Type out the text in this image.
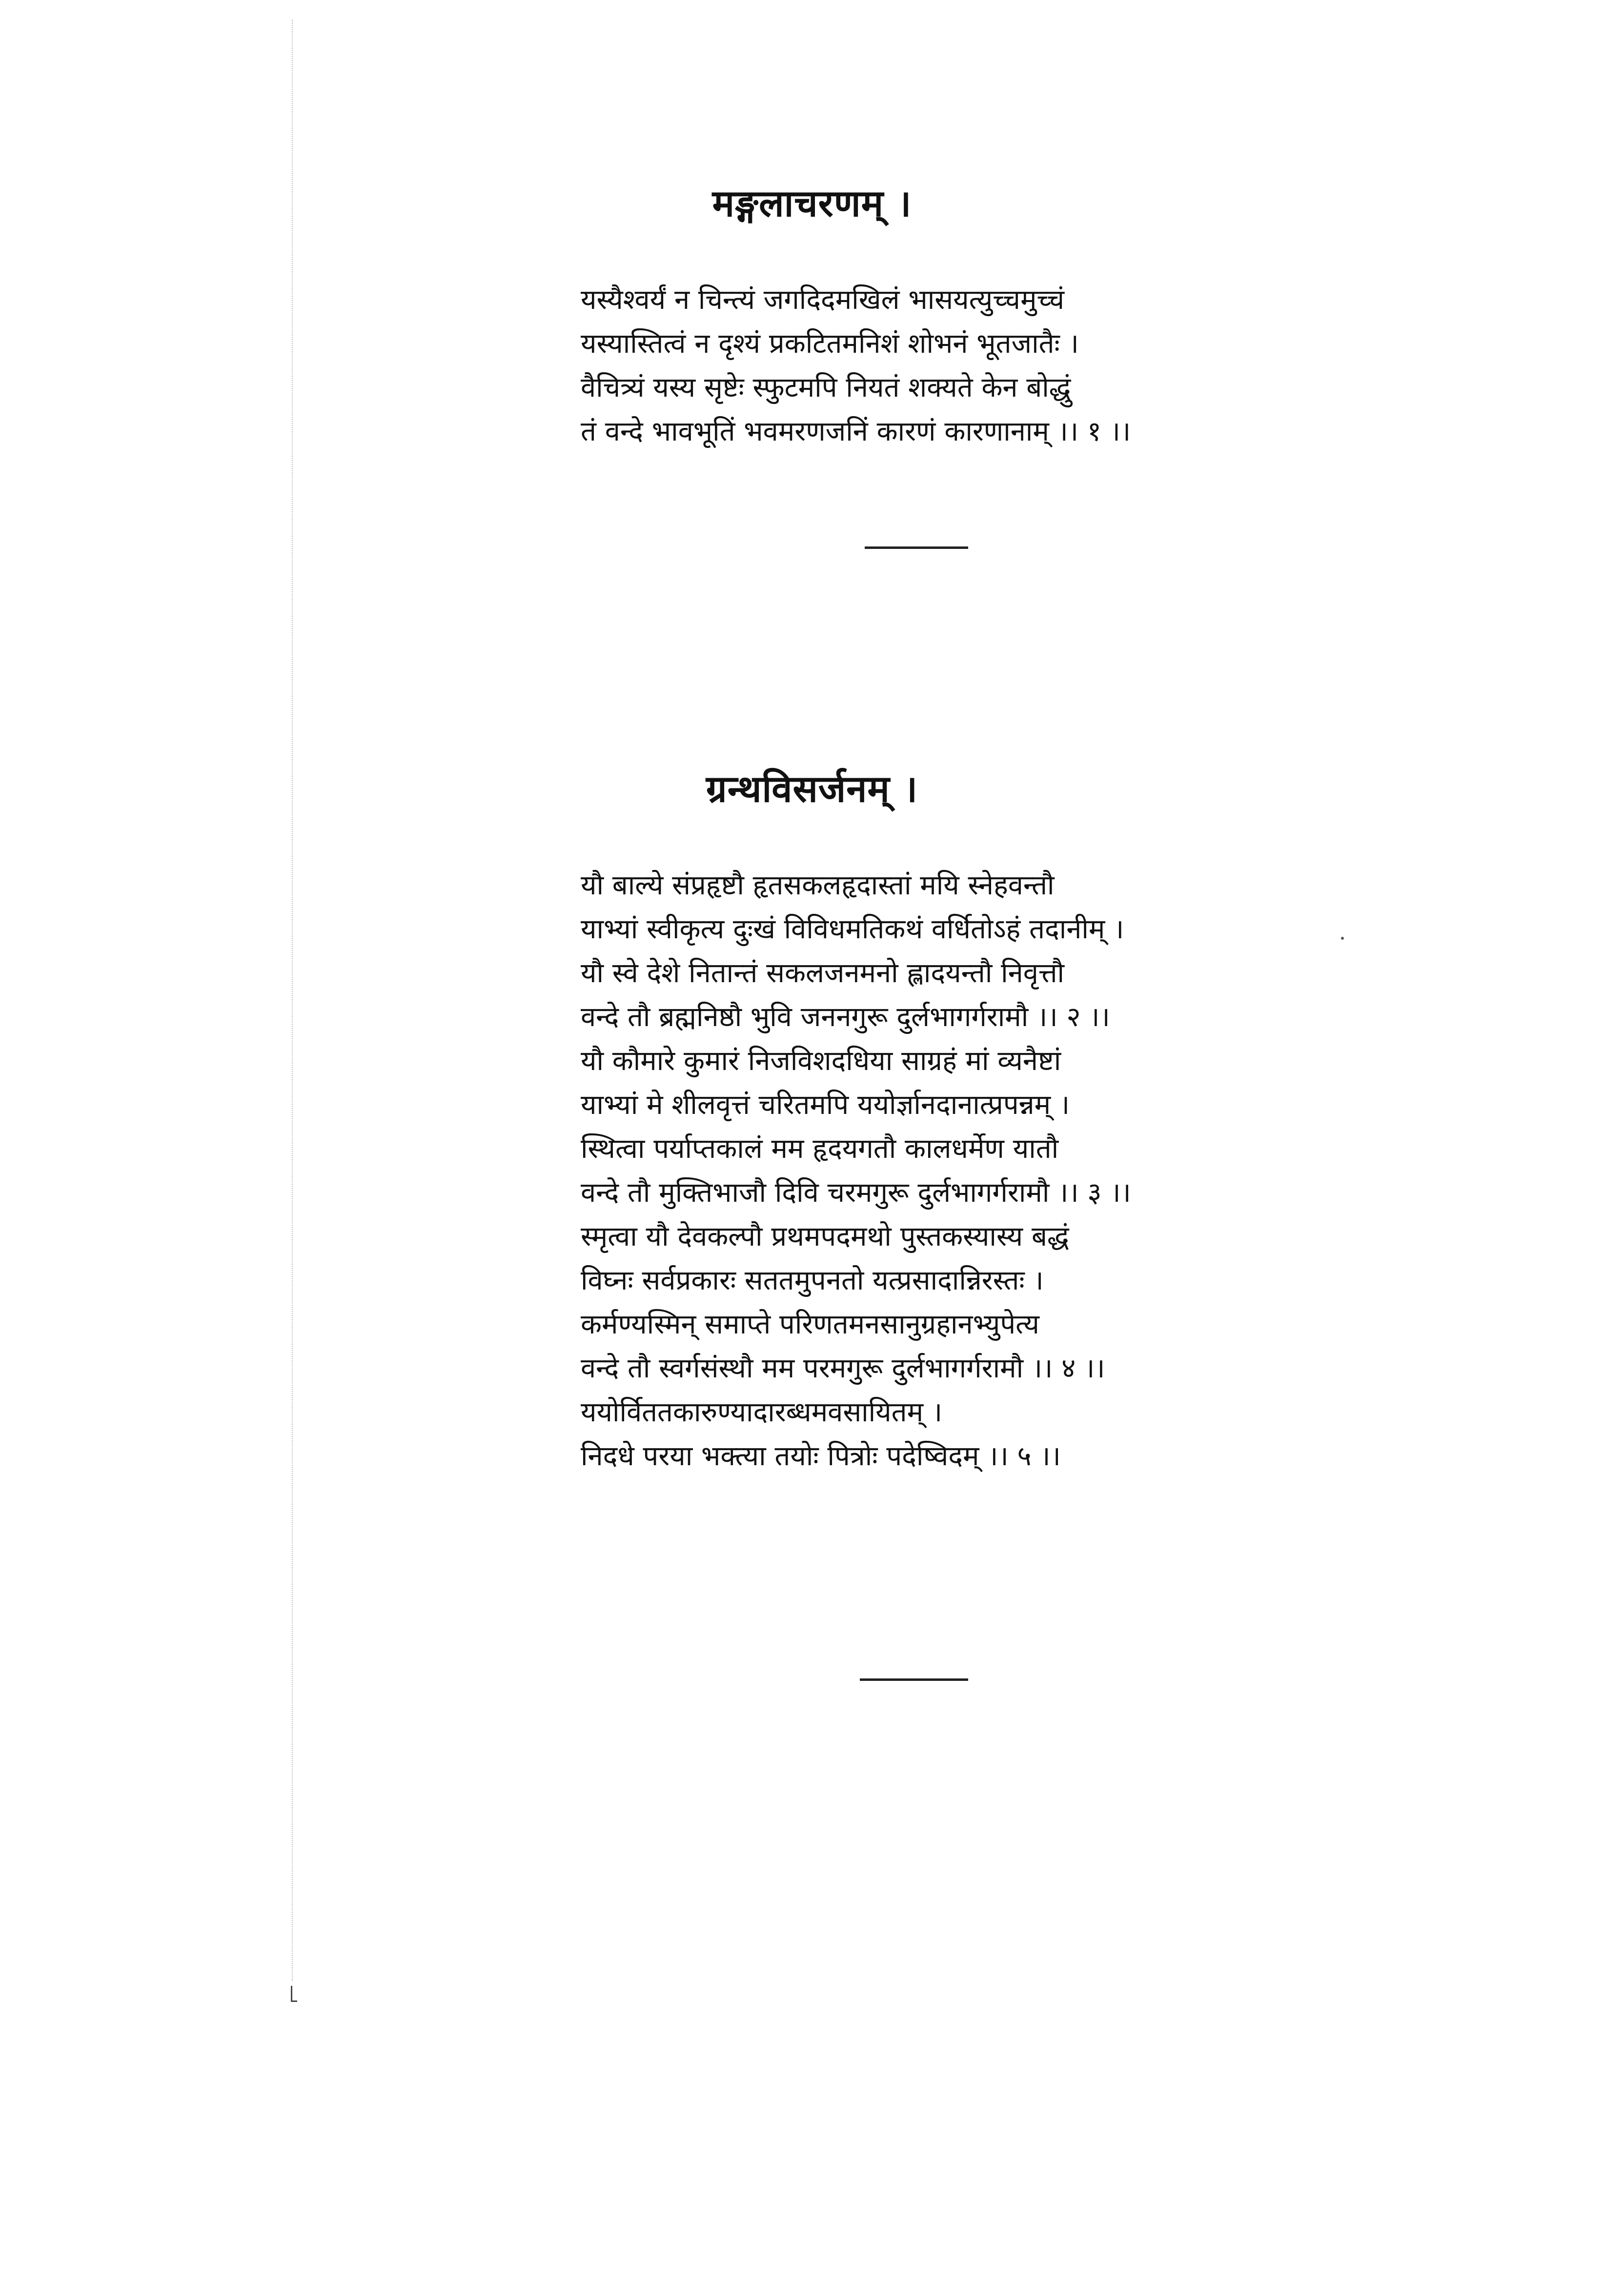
मङ्गलाचरणम् ।
यस्यैश्वर्यं न चिन्त्यं जगदिदमखिलं भासयत्युच्चमुच्चं
यस्यास्तित्वं न दृश्यं प्रकटितमनिशं शोभनं भूतजातैः ।
वैचित्र्यं यस्य सृष्टेः स्फुटमपि नियतं शक्यते केन बोद्धुं
तं वन्दे भावभूतिं भवमरणजनिं कारणं कारणानाम् ।। १ ।।
ग्रन्थविसर्जनम् ।
यौ बाल्ये संप्रहृष्टौ हृतसकलहृदास्तां मयि स्नेहवन्तौ
याभ्यां स्वीकृत्य दुःखं विविधमतिकथं वर्धितोऽहं तदानीम् ।
यौ स्वे देशे नितान्तं सकलजनमनो ह्लादयन्तौ निवृत्तौ
वन्दे तौ ब्रह्मनिष्ठौ भुवि जननगुरू दुर्लभागर्गरामौ ।। २ ।।
यौ कौमारे कुमारं निजविशदधिया साग्रहं मां व्यनैष्टां
याभ्यां मे शीलवृत्तं चरितमपि ययोर्ज्ञानदानात्प्रपन्नम् ।
स्थित्वा पर्याप्तकालं मम हृदयगतौ कालधर्मेण यातौ
वन्दे तौ मुक्तिभाजौ दिवि चरमगुरू दुर्लभागर्गरामौ ।। ३ ।।
स्मृत्वा यौ देवकल्पौ प्रथमपदमथो पुस्तकस्यास्य बद्धं
विघ्नः सर्वप्रकारः सततमुपनतो यत्प्रसादान्निरस्तः ।
कर्मण्यस्मिन् समाप्ते परिणतमनसानुग्रहानभ्युपेत्य
वन्दे तौ स्वर्गसंस्थौ मम परमगुरू दुर्लभागर्गरामौ ।। ४ ।।
ययोर्विततकारुण्यादारब्धमवसायितम् ।
निदधे परया भक्त्या तयोः पित्रोः पदेष्विदम् ।। ५ ।।
